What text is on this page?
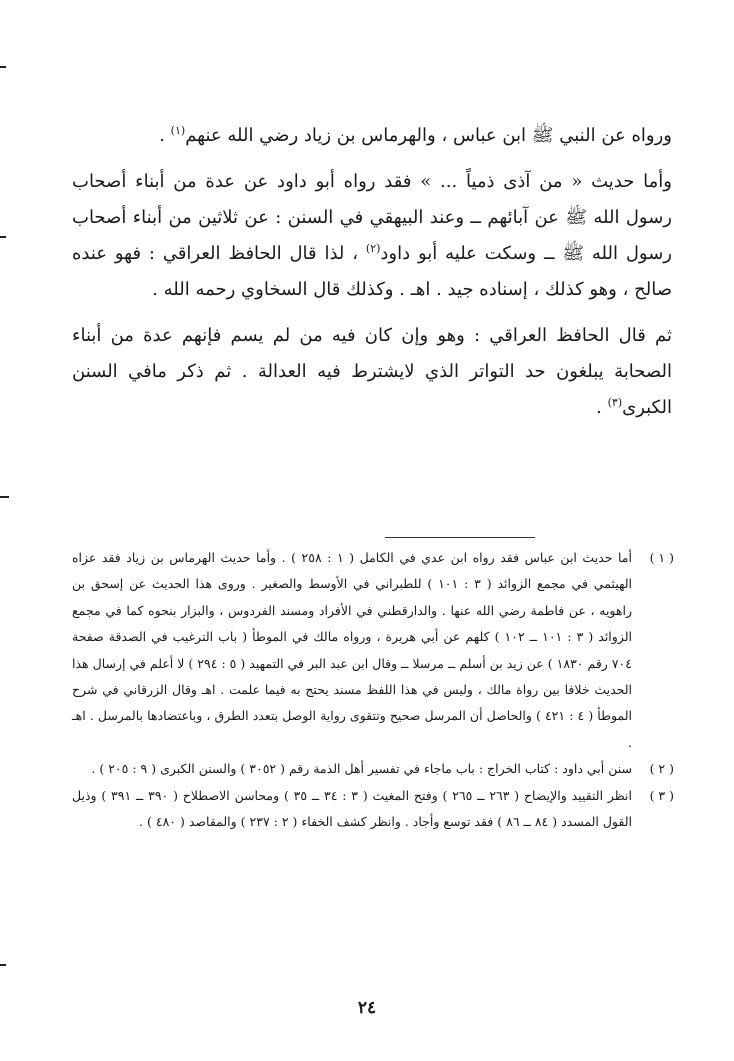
ورواه عن النبي ﷺ ابن عباس ، والهرماس بن زياد رضي الله عنهم$^{(١)}$ .

وأما حديث « من آذى ذمياً ... » فقد رواه أبو داود عن عدة من أبناء أصحاب رسول الله ﷺ عن آبائهم ــ وعند البيهقي في السنن : عن ثلاثين من أبناء أصحاب رسول الله ﷺ ــ وسكت عليه أبو داود$^{(٢)}$ ، لذا قال الحافظ العراقي : فهو عنده صالح ، وهو كذلك ، إسناده جيد . اهـ . وكذلك قال السخاوي رحمه الله .

ثم قال الحافظ العراقي : وهو وإن كان فيه من لم يسم فإنهم عدة من أبناء الصحابة يبلغون حد التواتر الذي لايشترط فيه العدالة . ثم ذكر مافي السنن الكبرى$^{(٣)}$ .

( ١ )
أما حديث ابن عباس فقد رواه ابن عدي في الكامل ( ١ : ٢٥٨ ) . وأما حديث الهرماس بن زياد فقد عزاه الهيثمي في مجمع الزوائد ( ٣ : ١٠١ ) للطبراني في الأوسط والصغير . وروى هذا الحديث عن إسحق بن راهويه ، عن فاطمة رضي الله عنها . والدارقطني في الأفراد ومسند الفردوس ، والبزار بنحوه كما في مجمع الزوائد ( ٣ : ١٠١ ــ ١٠٢ ) كلهم عن أبي هريرة ، ورواه مالك في الموطأ ( باب الترغيب في الصدقة صفحة ٧٠٤ رقم ١٨٣٠ ) عن زيد بن أسلم ــ مرسلا ــ وقال ابن عبد البر في التمهيد ( ٥ : ٢٩٤ ) لا أعلم في إرسال هذا الحديث خلافا بين رواة مالك ، وليس في هذا اللفظ مسند يحتج به فيما علمت . اهـ وقال الزرقاني في شرح الموطأ ( ٤ : ٤٢١ ) والحاصل أن المرسل صحيح وتتقوى رواية الوصل بتعدد الطرق ، وباعتضادها بالمرسل . اهـ .
( ٢ )
سنن أبي داود : كتاب الخراج : باب ماجاء في تفسير أهل الذمة رقم ( ٣٠٥٢ ) والسنن الكبرى ( ٩ : ٢٠٥ ) .
( ٣ )
انظر التقييد والإيضاح ( ٢٦٣ ــ ٢٦٥ ) وفتح المغيث ( ٣ : ٣٤ ــ ٣٥ ) ومحاسن الاصطلاح ( ٣٩٠ ــ ٣٩١ ) وذيل القول المسدد ( ٨٤ ــ ٨٦ ) فقد توسع وأجاد . وانظر كشف الخفاء ( ٢ : ٢٣٧ ) والمقاصد ( ٤٨٠ ) .
٢٤
